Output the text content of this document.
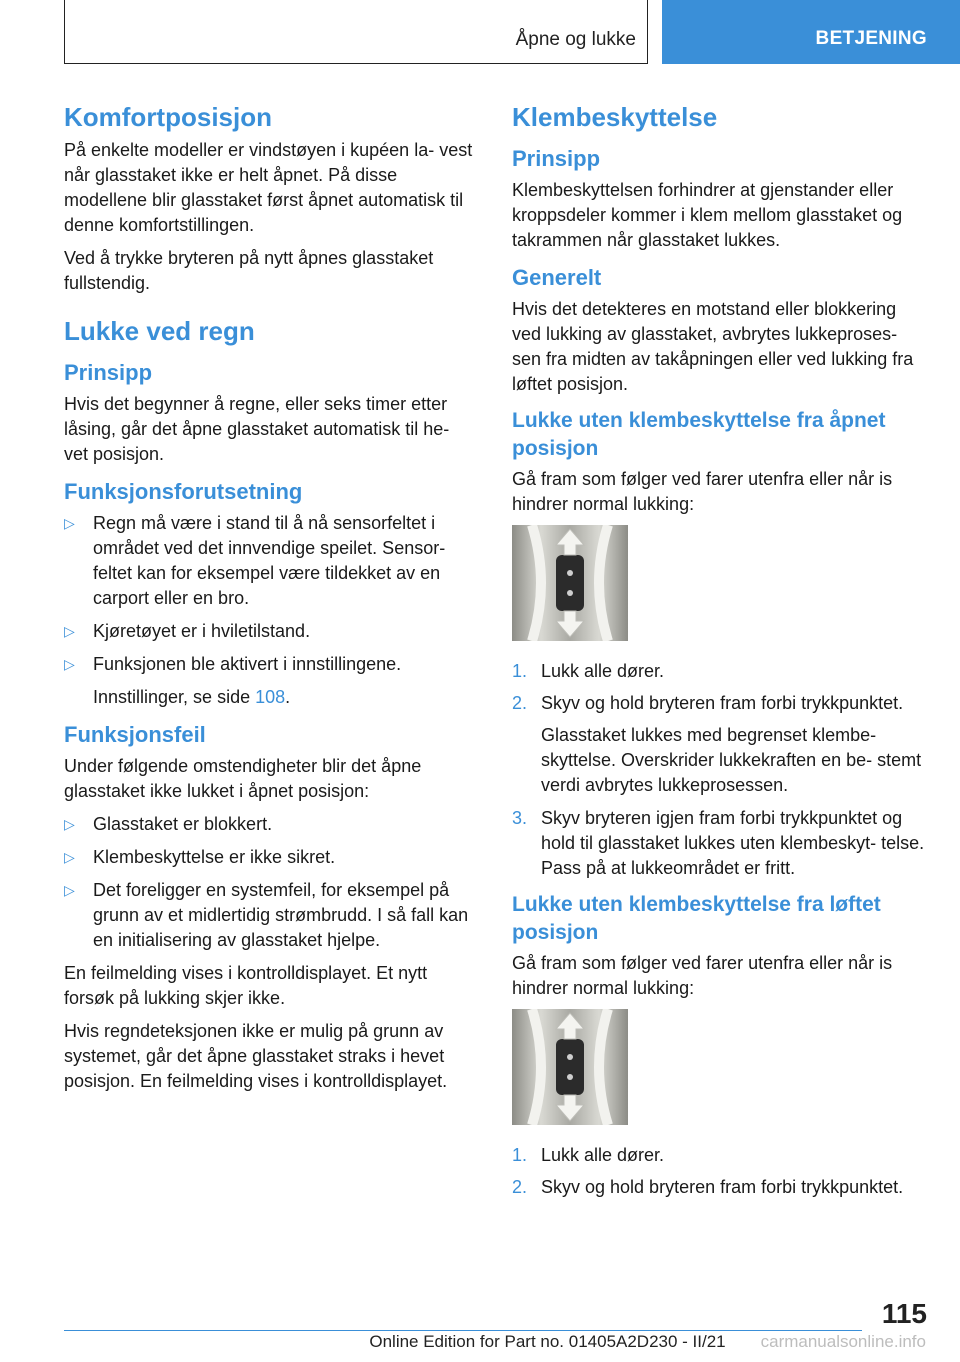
Åpne og lukke	BETJENING
Komfortposisjon

På enkelte modeller er vindstøyen i kupéen la- vest når glasstaket ikke er helt åpnet. På disse modellene blir glasstaket først åpnet automatisk til denne komfortstillingen.

Ved å trykke bryteren på nytt åpnes glasstaket fullstendig.

Lukke ved regn
Prinsipp

Hvis det begynner å regne, eller seks timer etter låsing, går det åpne glasstaket automatisk til he- vet posisjon.

Funksjonsforutsetning
▷ Regn må være i stand til å nå sensorfeltet i området ved det innvendige speilet. Sensor- feltet kan for eksempel være tildekket av en carport eller en bro.
▷ Kjøretøyet er i hviletilstand.
▷ Funksjonen ble aktivert i innstillingene.

Innstillinger, se side 108.

Funksjonsfeil

Under følgende omstendigheter blir det åpne glasstaket ikke lukket i åpnet posisjon:

▷ Glasstaket er blokkert.
▷ Klembeskyttelse er ikke sikret.
▷ Det foreligger en systemfeil, for eksempel på grunn av et midlertidig strømbrudd. I så fall kan en initialisering av glasstaket hjelpe.

En feilmelding vises i kontrolldisplayet. Et nytt forsøk på lukking skjer ikke.

Hvis regndeteksjonen ikke er mulig på grunn av systemet, går det åpne glasstaket straks i hevet posisjon. En feilmelding vises i kontrolldisplayet.

Klembeskyttelse
Prinsipp

Klembeskyttelsen forhindrer at gjenstander eller kroppsdeler kommer i klem mellom glasstaket og takrammen når glasstaket lukkes.

Generelt

Hvis det detekteres en motstand eller blokkering ved lukking av glasstaket, avbrytes lukkeproses- sen fra midten av takåpningen eller ved lukking fra løftet posisjon.

Lukke uten klembeskyttelse fra åpnet posisjon

Gå fram som følger ved farer utenfra eller når is hindrer normal lukking:

1. Lukk alle dører.
2. Skyv og hold bryteren fram forbi trykkpunktet.

Glasstaket lukkes med begrenset klembe- skyttelse. Overskrider lukkekraften en be- stemt verdi avbrytes lukkeprosessen.

3. Skyv bryteren igjen fram forbi trykkpunktet og hold til glasstaket lukkes uten klembeskyt- telse. Pass på at lukkeområdet er fritt.
Lukke uten klembeskyttelse fra løftet posisjon

Gå fram som følger ved farer utenfra eller når is hindrer normal lukking:

1. Lukk alle dører.
2. Skyv og hold bryteren fram forbi trykkpunktet.
115
Online Edition for Part no. 01405A2D230 - II/21	carmanualsonline.info
